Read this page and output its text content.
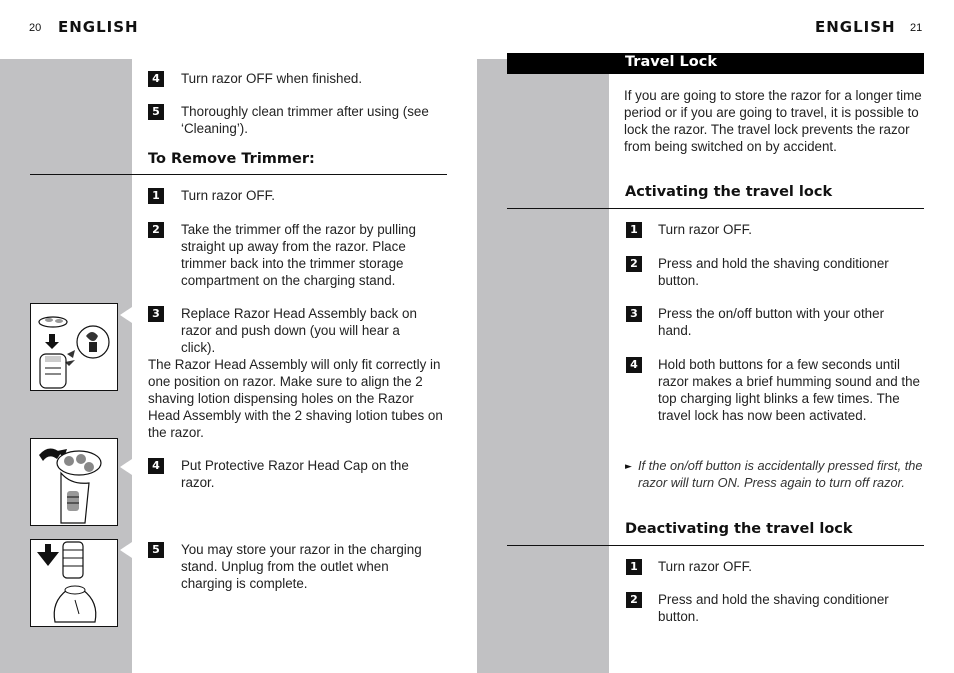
20 ENGLISH
4	Turn razor OFF when finished.
5	Thoroughly clean trimmer after using (see ‘Cleaning’).
To Remove Trimmer:
1	Turn razor OFF.
2	Take the trimmer off the razor by pulling straight up away from the razor. Place trimmer back into the trimmer storage compartment on the charging stand.
3	Replace Razor Head Assembly back on razor and push down (you will hear a click).
The Razor Head Assembly will only fit correctly in one position on razor. Make sure to align the 2 shaving lotion dispensing holes on the Razor Head Assembly with the 2 shaving lotion tubes on the razor.
4	Put Protective Razor Head Cap on the razor.
5	You may store your razor in the charging stand. Unplug from the outlet when charging is complete.
ENGLISH 21
Travel Lock
If you are going to store the razor for a longer time period or if you are going to travel, it is possible to lock the razor. The travel lock prevents the razor from being switched on by accident.
Activating the travel lock
1	Turn razor OFF.
2	Press and hold the shaving conditioner button.
3	Press the on/off button with your other hand.
4	Hold both buttons for a few seconds until razor makes a brief humming sound and the top charging light blinks a few times. The travel lock has now been activated.
► If the on/off button is accidentally pressed first, the razor will turn ON. Press again to turn off razor.
Deactivating the travel lock
1	Turn razor OFF.
2	Press and hold the shaving conditioner button.
